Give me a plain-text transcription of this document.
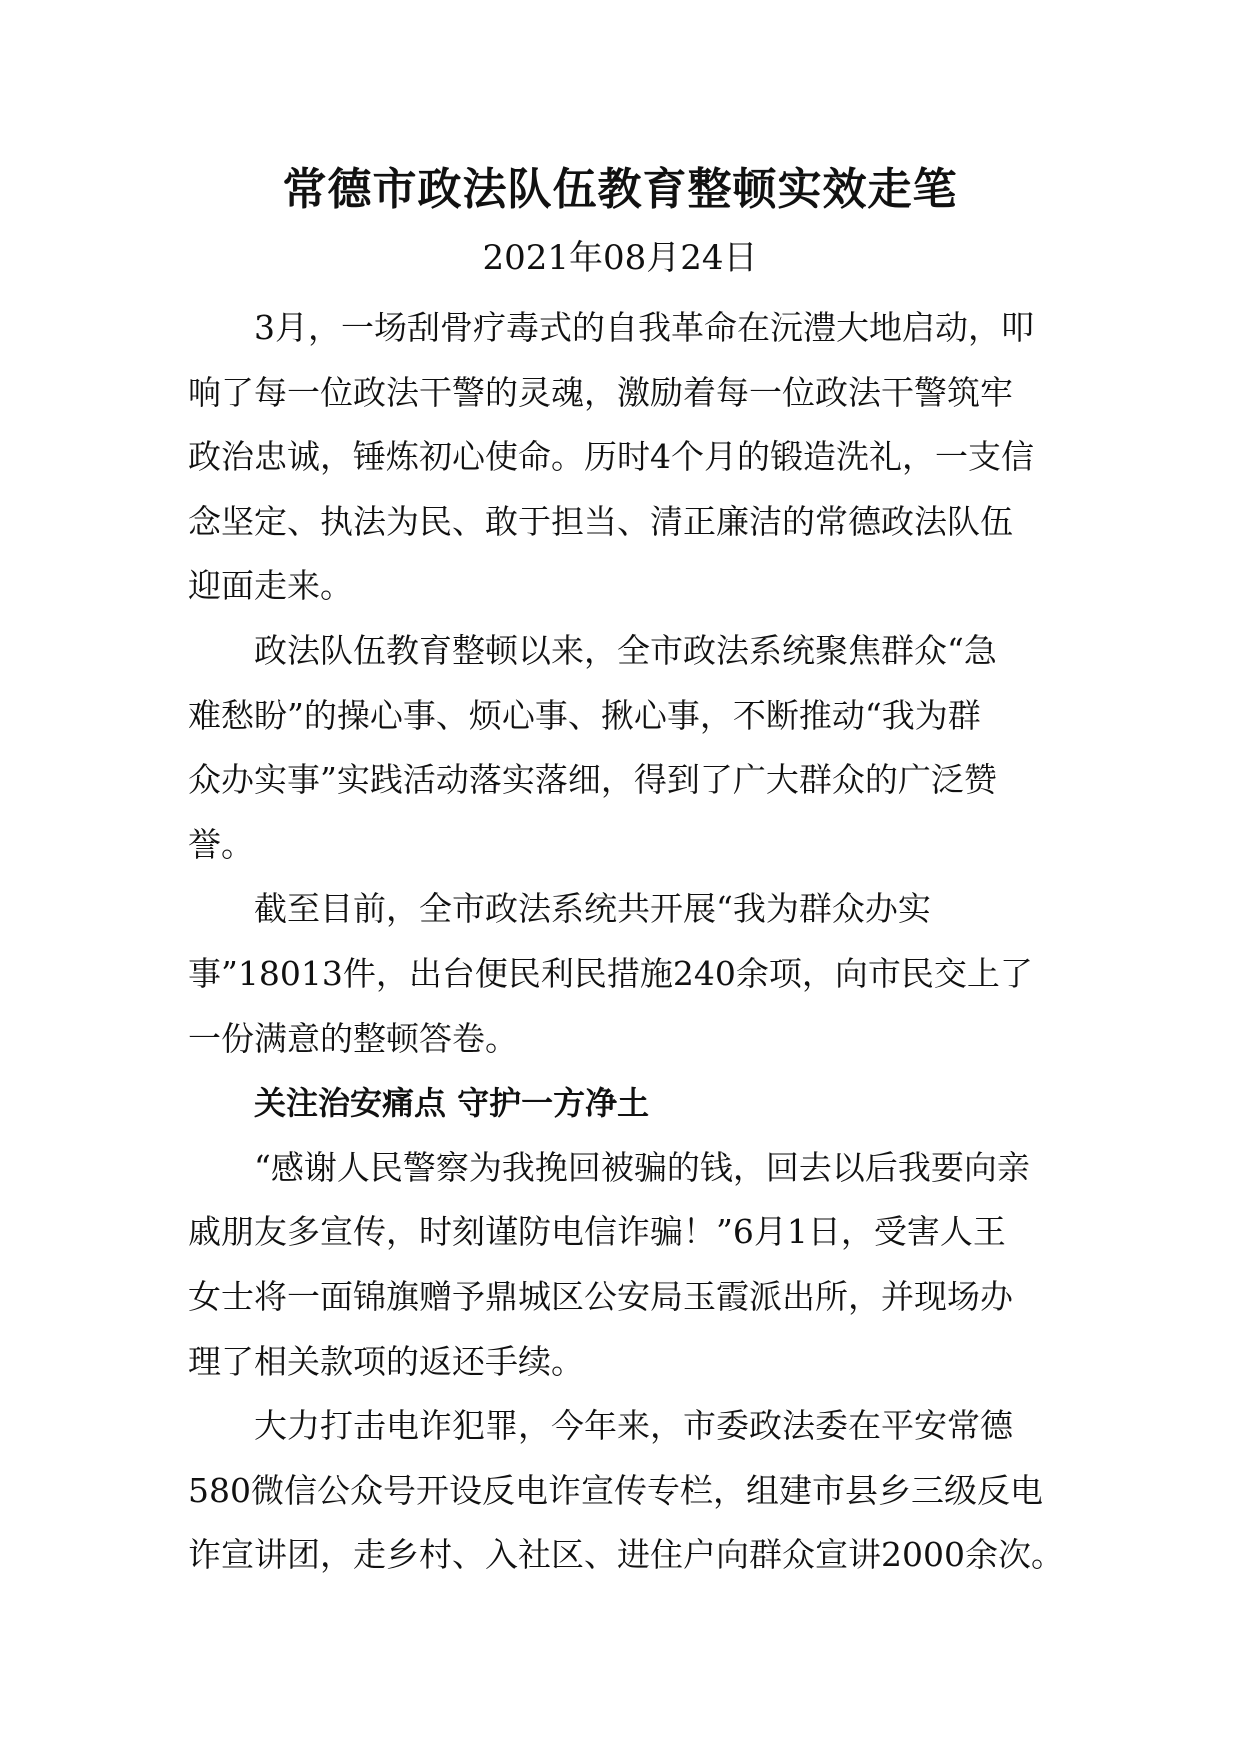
常德市政法队伍教育整顿实效走笔
2021年08月24日
3月，一场刮骨疗毒式的自我革命在沅澧大地启动，叩
响了每一位政法干警的灵魂，激励着每一位政法干警筑牢
政治忠诚，锤炼初心使命。历时4个月的锻造洗礼，一支信
念坚定、执法为民、敢于担当、清正廉洁的常德政法队伍
迎面走来。
政法队伍教育整顿以来，全市政法系统聚焦群众“急
难愁盼”的操心事、烦心事、揪心事，不断推动“我为群
众办实事”实践活动落实落细，得到了广大群众的广泛赞
誉。
截至目前，全市政法系统共开展“我为群众办实
事”18013件，出台便民利民措施240余项，向市民交上了
一份满意的整顿答卷。
关注治安痛点 守护一方净土
“感谢人民警察为我挽回被骗的钱，回去以后我要向亲
戚朋友多宣传，时刻谨防电信诈骗！”6月1日，受害人王
女士将一面锦旗赠予鼎城区公安局玉霞派出所，并现场办
理了相关款项的返还手续。
大力打击电诈犯罪，今年来，市委政法委在平安常德
580微信公众号开设反电诈宣传专栏，组建市县乡三级反电
诈宣讲团，走乡村、入社区、进住户向群众宣讲2000余次。
